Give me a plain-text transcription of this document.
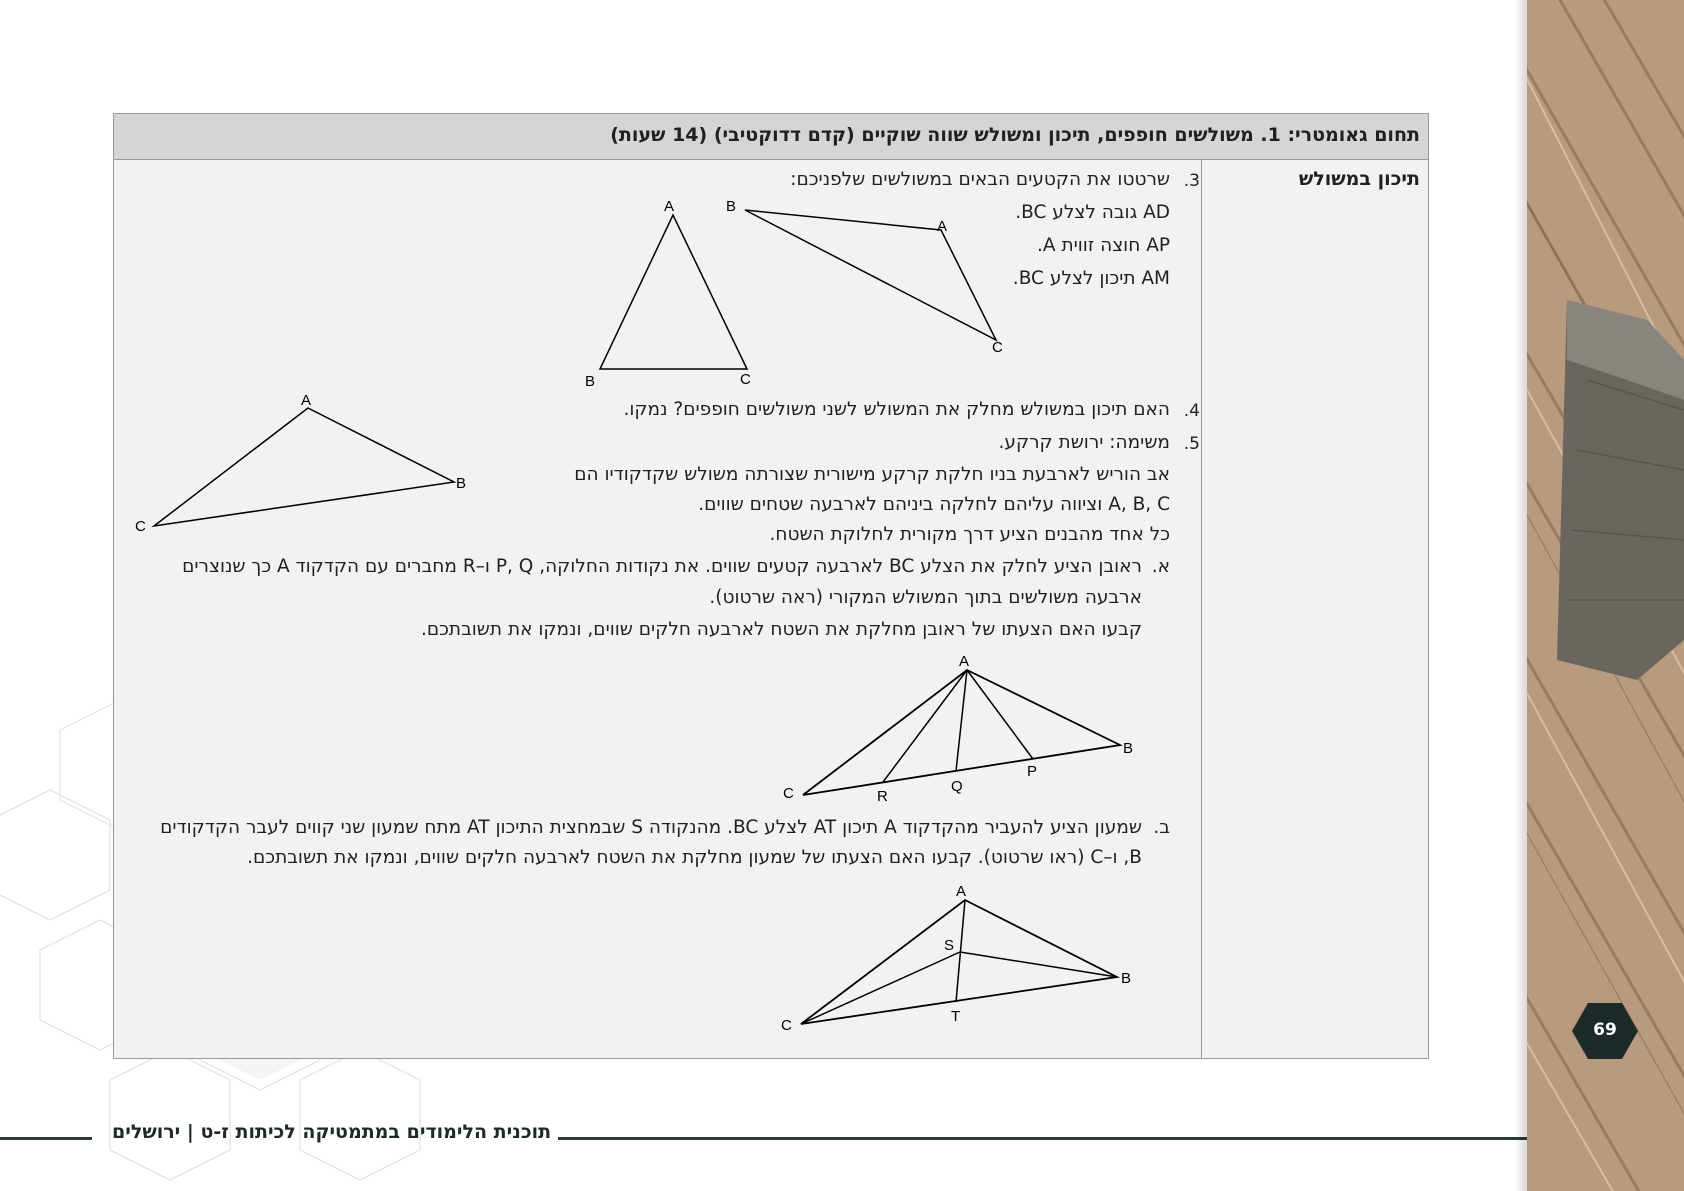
תחום גאומטרי: 1. משולשים חופפים, תיכון ומשולש שווה שוקיים (קדם דדוקטיבי) (14 שעות)
תיכון במשולש
3.
שרטטו את הקטעים הבאים במשולשים שלפניכם:
AD גובה לצלע BC.
AP חוצה זווית A.
AM תיכון לצלע BC.
4.
האם תיכון במשולש מחלק את המשולש לשני משולשים חופפים? נמקו.
5.
משימה: ירושת קרקע.
אב הוריש לארבעת בניו חלקת קרקע מישורית שצורתה משולש שקדקודיו הם
A, B, C וציווה עליהם לחלקה ביניהם לארבעה שטחים שווים.
כל אחד מהבנים הציע דרך מקורית לחלוקת השטח.
א.
ראובן הציע לחלק את הצלע BC לארבעה קטעים שווים. את נקודות החלוקה, P, Q ו–R מחברים עם הקדקוד A כך שנוצרים
ארבעה משולשים בתוך המשולש המקורי (ראה שרטוט).
קבעו האם הצעתו של ראובן מחלקת את השטח לארבעה חלקים שווים, ונמקו את תשובתכם.
ב.
שמעון הציע להעביר מהקדקוד A תיכון AT לצלע BC. מהנקודה S שבמחצית התיכון AT מתח שמעון שני קווים לעבר הקדקודים
B, ו–C (ראו שרטוט). קבעו האם הצעתו של שמעון מחלקת את השטח לארבעה חלקים שווים, ונמקו את תשובתכם.
A
B	C
B
A
C
A
B
C
A
B
C
P
Q
R
A
B
C
S
T
תוכנית הלימודים במתמטיקה לכיתות ז-ט | ירושלים
69
